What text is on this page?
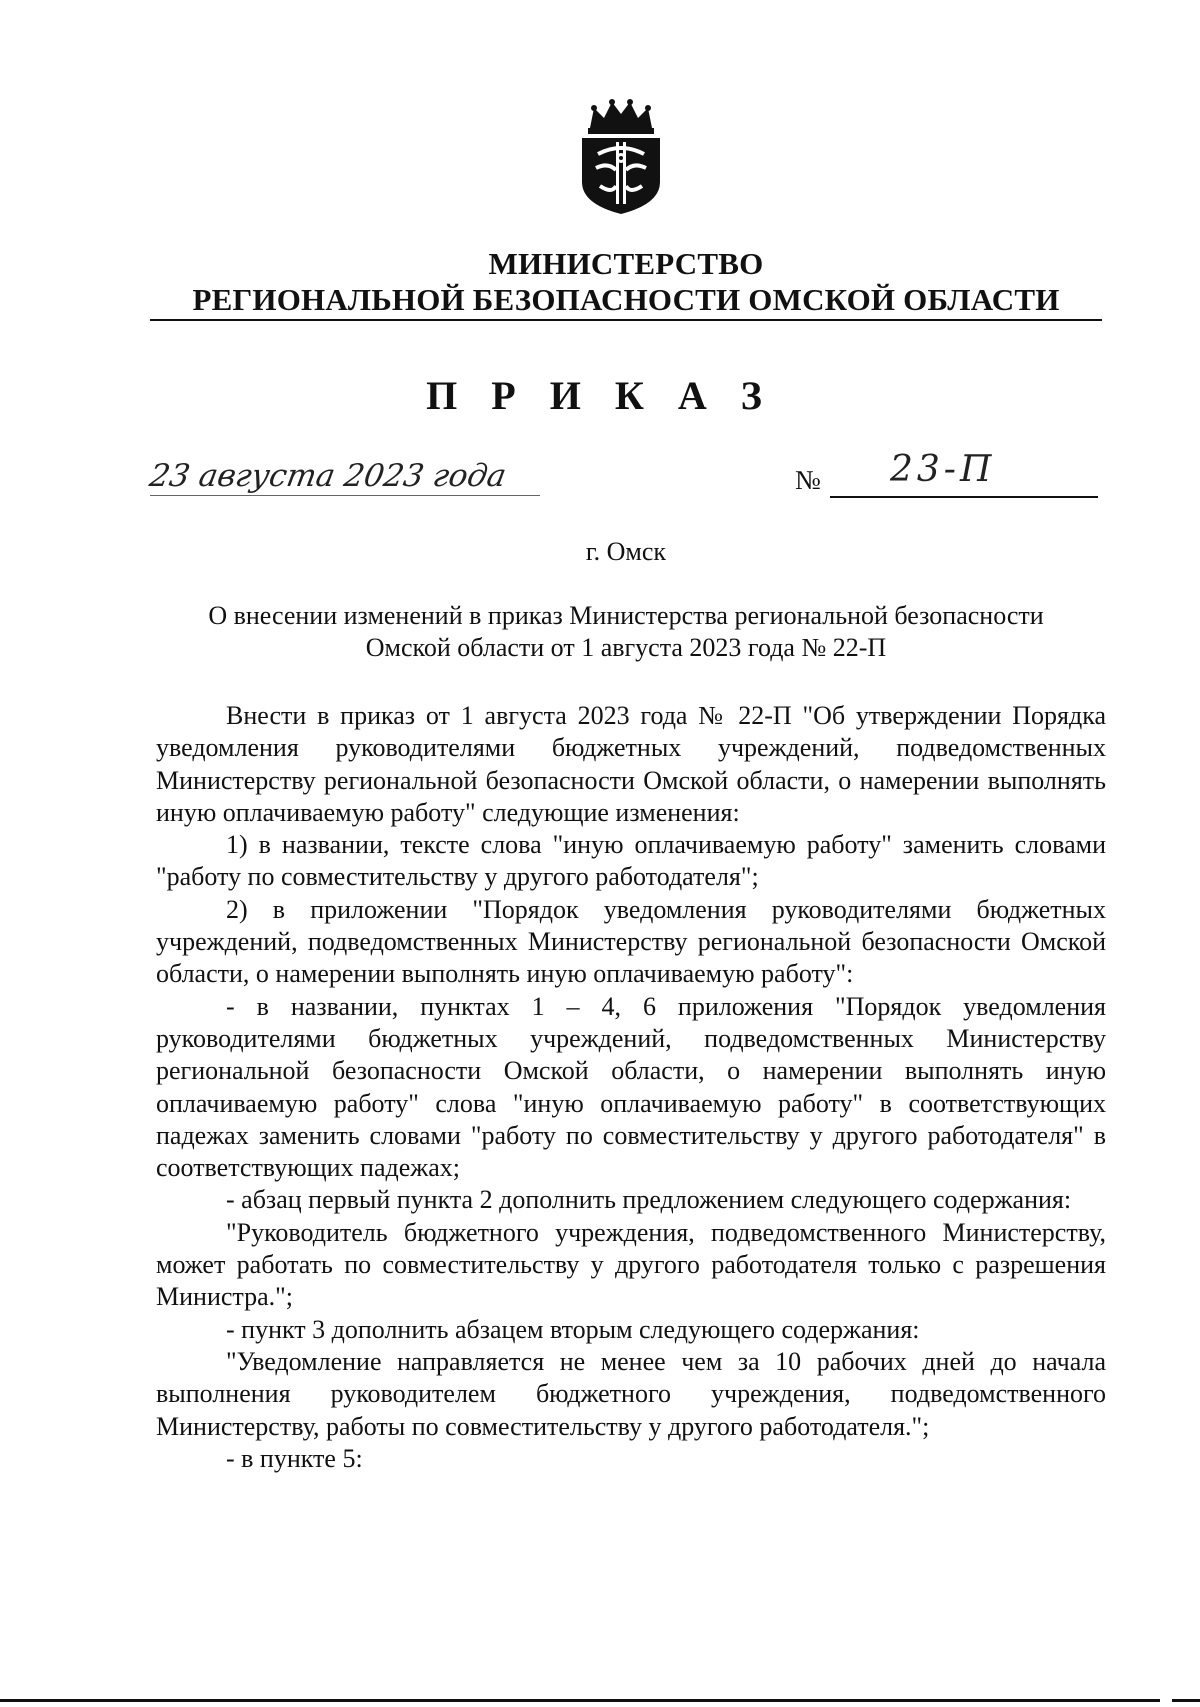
МИНИСТЕРСТВО
РЕГИОНАЛЬНОЙ БЕЗОПАСНОСТИ ОМСКОЙ ОБЛАСТИ
П Р И К А З
23 августа 2023 года	№ 23-П
г. Омск
О внесении изменений в приказ Министерства региональной безопасности
Омской области от 1 августа 2023 года № 22-П

Внести в приказ от 1 августа 2023 года № 22-П "Об утверждении Порядка уведомления руководителями бюджетных учреждений, подведомственных Министерству региональной безопасности Омской области, о намерении выполнять иную оплачиваемую работу" следующие изменения:

1) в названии, тексте слова "иную оплачиваемую работу" заменить словами "работу по совместительству у другого работодателя";

2) в приложении "Порядок уведомления руководителями бюджетных учреждений, подведомственных Министерству региональной безопасности Омской области, о намерении выполнять иную оплачиваемую работу":

- в названии, пунктах 1 – 4, 6 приложения "Порядок уведомления руководителями бюджетных учреждений, подведомственных Министерству региональной безопасности Омской области, о намерении выполнять иную оплачиваемую работу" слова "иную оплачиваемую работу" в соответствующих падежах заменить словами "работу по совместительству у другого работодателя" в соответствующих падежах;

- абзац первый пункта 2 дополнить предложением следующего содержания:

"Руководитель бюджетного учреждения, подведомственного Министерству, может работать по совместительству у другого работодателя только с разрешения Министра.";

- пункт 3 дополнить абзацем вторым следующего содержания:

"Уведомление направляется не менее чем за 10 рабочих дней до начала выполнения руководителем бюджетного учреждения, подведомственного Министерству, работы по совместительству у другого работодателя.";

- в пункте 5:
